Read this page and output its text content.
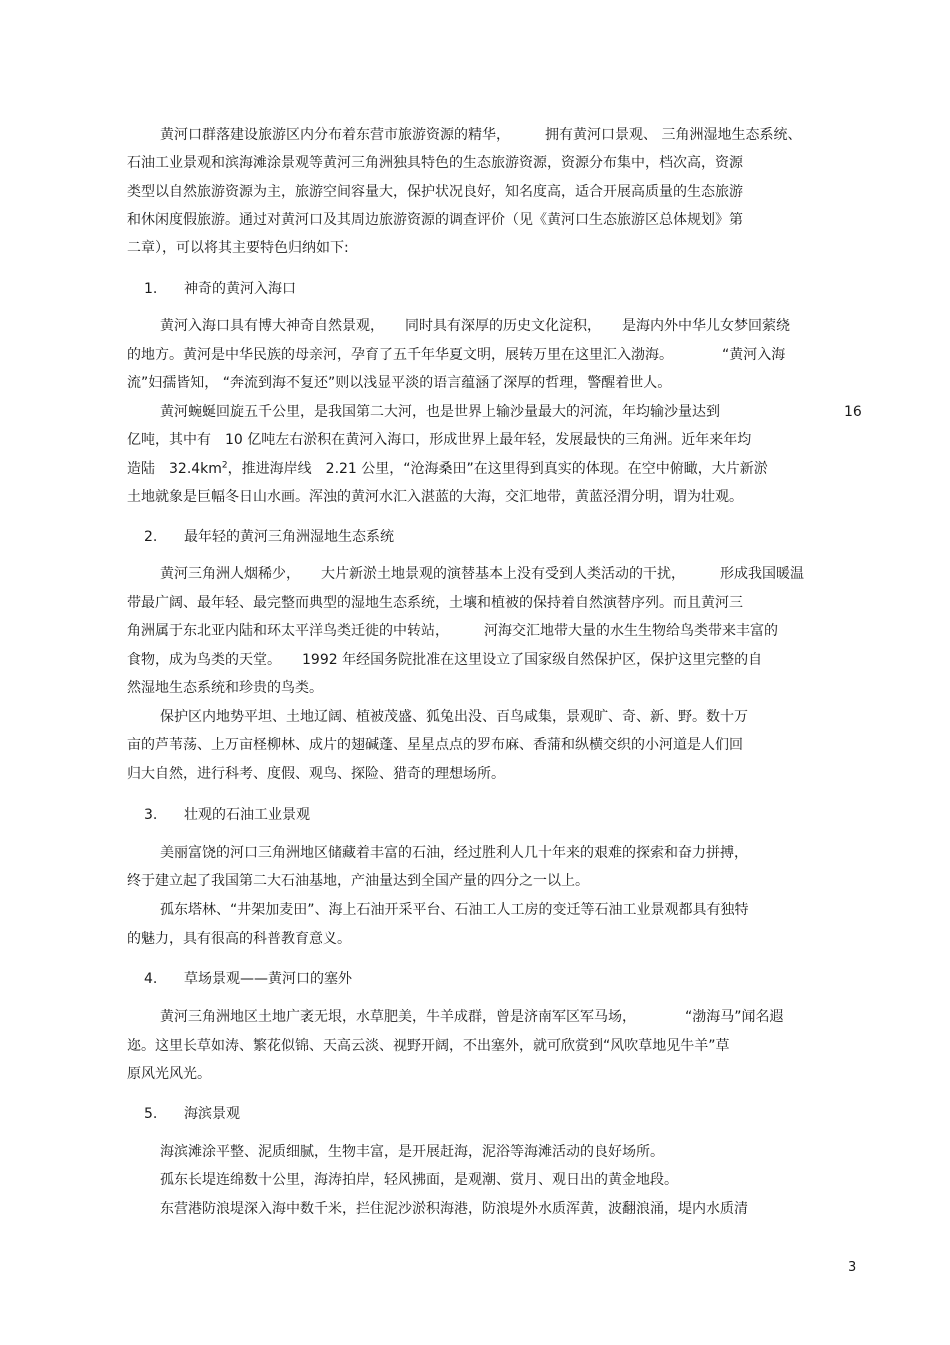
黄河口群落建设旅游区内分布着东营市旅游资源的精华，　　　拥有黄河口景观、 三角洲湿地生态系统、
石油工业景观和滨海滩涂景观等黄河三角洲独具特色的生态旅游资源，资源分布集中，档次高，资源
类型以自然旅游资源为主，旅游空间容量大，保护状况良好，知名度高，适合开展高质量的生态旅游
和休闲度假旅游。通过对黄河口及其周边旅游资源的调查评价（见《黄河口生态旅游区总体规划》第
二章），可以将其主要特色归纳如下:
1. 神奇的黄河入海口
黄河入海口具有博大神奇自然景观，　　同时具有深厚的历史文化淀积，　　是海内外中华儿女梦回萦绕
的地方。黄河是中华民族的母亲河，孕育了五千年华夏文明，展转万里在这里汇入渤海。　　　　“黄河入海
流”妇孺皆知， “奔流到海不复还”则以浅显平淡的语言蕴涵了深厚的哲理，警醒着世人。
黄河蜿蜒回旋五千公里，是我国第二大河，也是世界上输沙量最大的河流，年均输沙量达到	16
亿吨，其中有　10 亿吨左右淤积在黄河入海口，形成世界上最年轻，发展最快的三角洲。近年来年均
造陆　$32.4km^2$，推进海岸线　2.21 公里，“沧海桑田”在这里得到真实的体现。在空中俯瞰，大片新淤
土地就象是巨幅冬日山水画。浑浊的黄河水汇入湛蓝的大海，交汇地带，黄蓝泾渭分明，谓为壮观。
2. 最年轻的黄河三角洲湿地生态系统
黄河三角洲人烟稀少，　　大片新淤土地景观的演替基本上没有受到人类活动的干扰，　　　形成我国暖温
带最广阔、最年轻、最完整而典型的湿地生态系统，土壤和植被的保持着自然演替序列。而且黄河三
角洲属于东北亚内陆和环太平洋鸟类迁徙的中转站，　　　河海交汇地带大量的水生生物给鸟类带来丰富的
食物，成为鸟类的天堂。　　1992 年经国务院批准在这里设立了国家级自然保护区，保护这里完整的自
然湿地生态系统和珍贵的鸟类。
保护区内地势平坦、土地辽阔、植被茂盛、狐兔出没、百鸟咸集，景观旷、奇、新、野。数十万
亩的芦苇荡、上万亩柽柳林、成片的翅碱蓬、星星点点的罗布麻、香蒲和纵横交织的小河道是人们回
归大自然，进行科考、度假、观鸟、探险、猎奇的理想场所。
3. 壮观的石油工业景观
美丽富饶的河口三角洲地区储藏着丰富的石油，经过胜利人几十年来的艰难的探索和奋力拼搏，
终于建立起了我国第二大石油基地，产油量达到全国产量的四分之一以上。
孤东塔林、“井架加麦田”、海上石油开采平台、石油工人工房的变迁等石油工业景观都具有独特
的魅力，具有很高的科普教育意义。
4. 草场景观——黄河口的塞外
黄河三角洲地区土地广袤无垠，水草肥美，牛羊成群，曾是济南军区军马场，　　　　“渤海马”闻名遐
迩。这里长草如涛、繁花似锦、天高云淡、视野开阔，不出塞外，就可欣赏到“风吹草地见牛羊”草
原风光风光。
5. 海滨景观
海滨滩涂平整、泥质细腻，生物丰富，是开展赶海，泥浴等海滩活动的良好场所。
孤东长堤连绵数十公里，海涛拍岸，轻风拂面，是观潮、赏月、观日出的黄金地段。
东营港防浪堤深入海中数千米，拦住泥沙淤积海港，防浪堤外水质浑黄，波翻浪涌，堤内水质清
3
